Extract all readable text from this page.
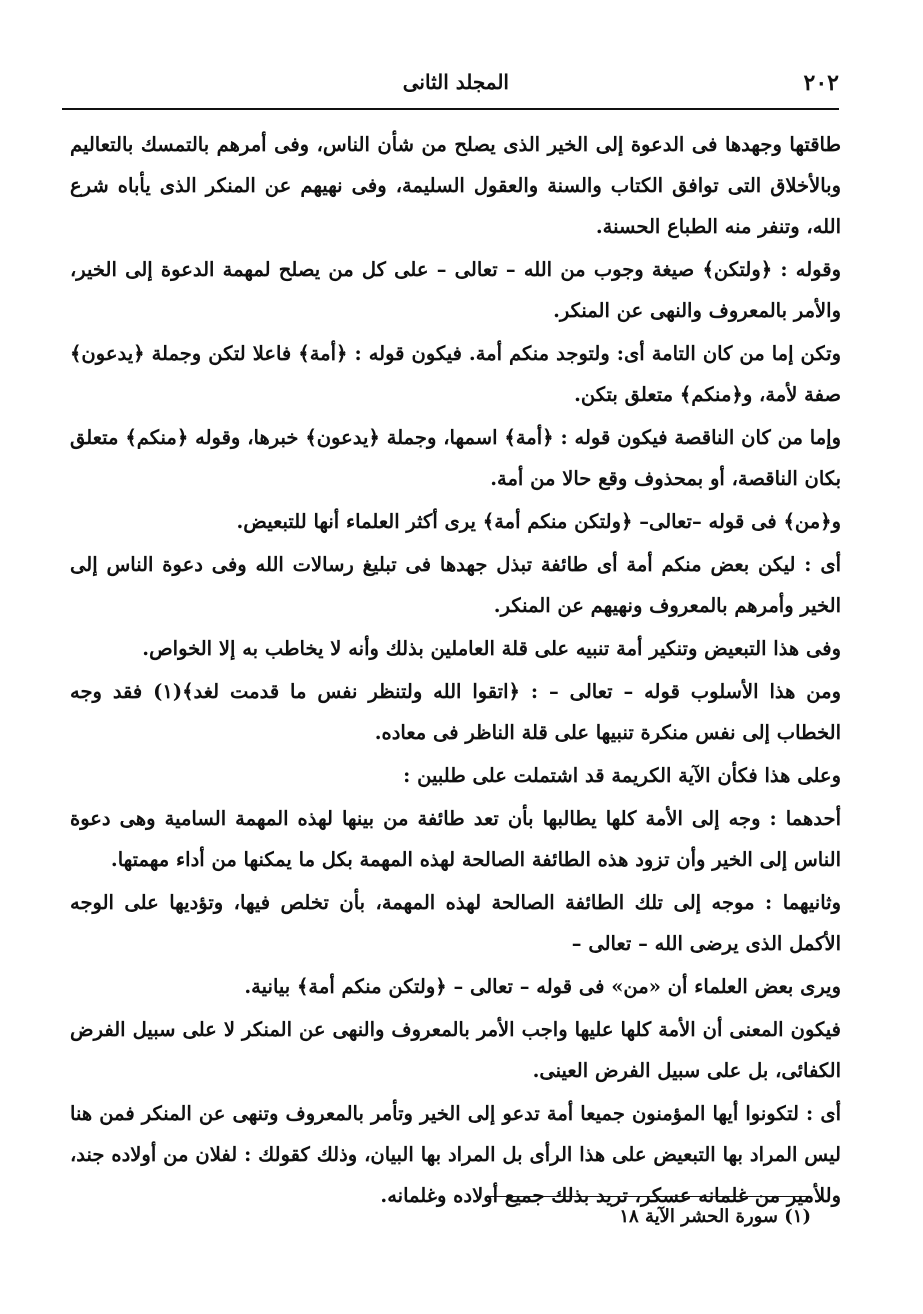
٢٠٢
المجلد الثانى

طاقتها وجهدها فى الدعوة إلى الخير الذى يصلح من شأن الناس، وفى أمرهم بالتمسك بالتعاليم وبالأخلاق التى توافق الكتاب والسنة والعقول السليمة، وفى نهيهم عن المنكر الذى يأباه شرع الله، وتنفر منه الطباع الحسنة.

وقوله : ﴿ولتكن﴾ صيغة وجوب من الله – تعالى – على كل من يصلح لمهمة الدعوة إلى الخير، والأمر بالمعروف والنهى عن المنكر.

وتكن إما من كان التامة أى: ولتوجد منكم أمة. فيكون قوله : ﴿أمة﴾ فاعلا لتكن وجملة ﴿يدعون﴾ صفة لأمة، و﴿منكم﴾ متعلق بتكن.

وإما من كان الناقصة فيكون قوله : ﴿أمة﴾ اسمها، وجملة ﴿يدعون﴾ خبرها، وقوله ﴿منكم﴾ متعلق بكان الناقصة، أو بمحذوف وقع حالا من أمة.

و﴿من﴾ فى قوله –تعالى– ﴿ولتكن منكم أمة﴾ يرى أكثر العلماء أنها للتبعيض.

أى : ليكن بعض منكم أمة أى طائفة تبذل جهدها فى تبليغ رسالات الله وفى دعوة الناس إلى الخير وأمرهم بالمعروف ونهيهم عن المنكر.

وفى هذا التبعيض وتنكير أمة تنبيه على قلة العاملين بذلك وأنه لا يخاطب به إلا الخواص.

ومن هذا الأسلوب قوله – تعالى – : ﴿اتقوا الله ولتنظر نفس ما قدمت لغد﴾(١) فقد وجه الخطاب إلى نفس منكرة تنبيها على قلة الناظر فى معاده.

وعلى هذا فكأن الآية الكريمة قد اشتملت على طلبين :

أحدهما : وجه إلى الأمة كلها يطالبها بأن تعد طائفة من بينها لهذه المهمة السامية وهى دعوة الناس إلى الخير وأن تزود هذه الطائفة الصالحة لهذه المهمة بكل ما يمكنها من أداء مهمتها.

وثانيهما : موجه إلى تلك الطائفة الصالحة لهذه المهمة، بأن تخلص فيها، وتؤديها على الوجه الأكمل الذى يرضى الله – تعالى –

ويرى بعض العلماء أن «من» فى قوله – تعالى – ﴿ولتكن منكم أمة﴾ بيانية.

فيكون المعنى أن الأمة كلها عليها واجب الأمر بالمعروف والنهى عن المنكر لا على سبيل الفرض الكفائى، بل على سبيل الفرض العينى.

أى : لتكونوا أيها المؤمنون جميعا أمة تدعو إلى الخير وتأمر بالمعروف وتنهى عن المنكر فمن هنا ليس المراد بها التبعيض على هذا الرأى بل المراد بها البيان، وذلك كقولك : لفلان من أولاده جند، وللأمير من غلمانه عسكر، تريد بذلك جميع أولاده وغلمانه.

(١) سورة الحشر الآية ١٨
